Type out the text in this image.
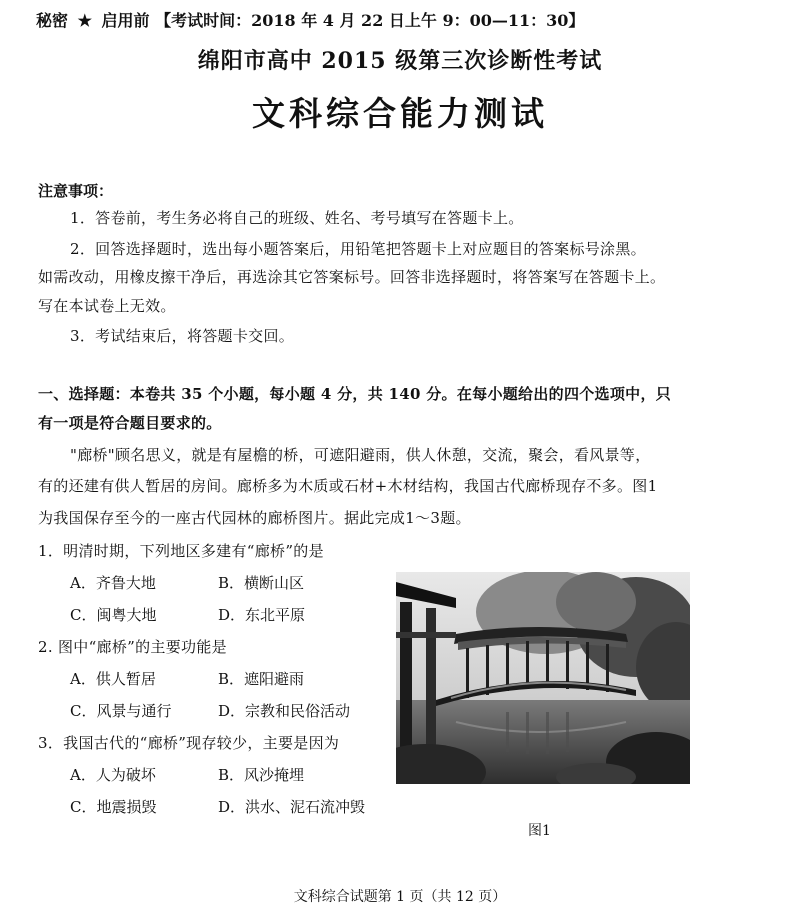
秘密 ★ 启用前 【考试时间：2018 年 4 月 22 日上午 9：00—11：30】
绵阳市高中 2015 级第三次诊断性考试
文科综合能力测试
注意事项：
1．答卷前，考生务必将自己的班级、姓名、考号填写在答题卡上。
2．回答选择题时，选出每小题答案后，用铅笔把答题卡上对应题目的答案标号涂黑。
如需改动，用橡皮擦干净后，再选涂其它答案标号。回答非选择题时，将答案写在答题卡上。
写在本试卷上无效。
3．考试结束后，将答题卡交回。
一、选择题：本卷共 35 个小题，每小题 4 分，共 140 分。在每小题给出的四个选项中，只
有一项是符合题目要求的。
"廊桥"顾名思义，就是有屋檐的桥，可遮阳避雨，供人休憩，交流，聚会，看风景等，
有的还建有供人暂居的房间。廊桥多为木质或石材+木材结构，我国古代廊桥现存不多。图1
为我国保存至今的一座古代园林的廊桥图片。据此完成1～3题。
1．明清时期，下列地区多建有“廊桥”的是
A．齐鲁大地	B．横断山区
C．闽粤大地	D．东北平原
2. 图中“廊桥”的主要功能是
A．供人暂居	B．遮阳避雨
C．风景与通行	D．宗教和民俗活动
3．我国古代的“廊桥”现存较少，主要是因为
A．人为破坏	B．风沙掩埋
C．地震损毁	D．洪水、泥石流冲毁
图1
文科综合试题第 1 页（共 12 页）
